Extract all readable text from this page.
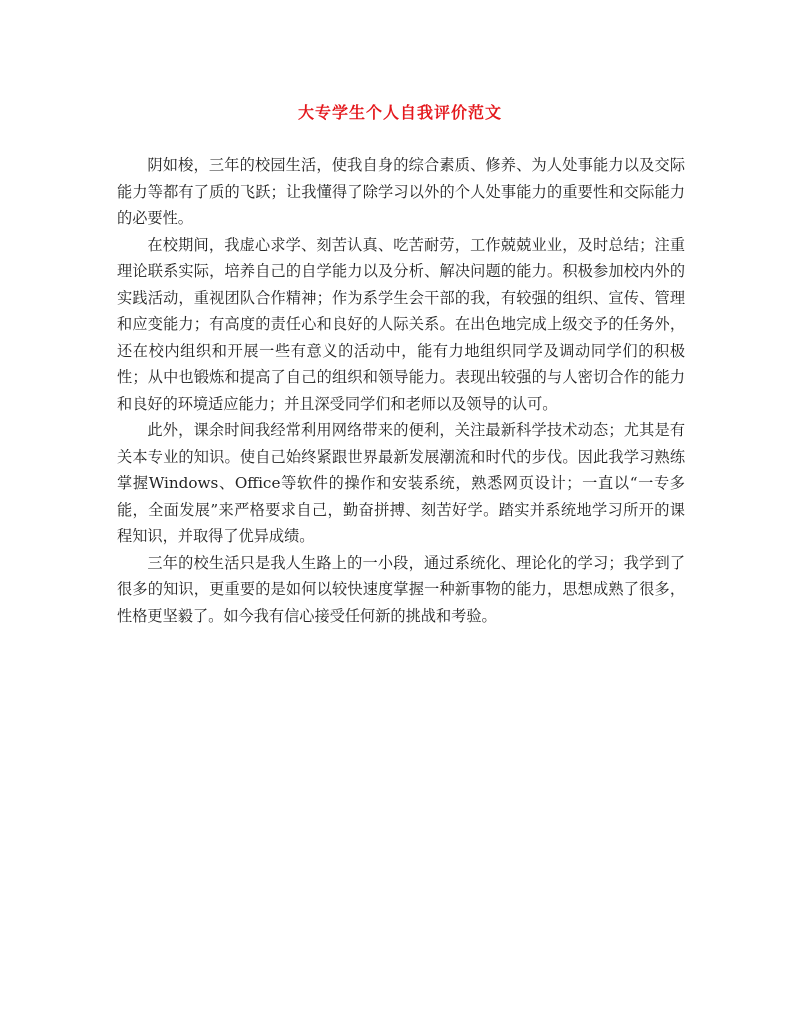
大专学生个人自我评价范文

阴如梭，三年的校园生活，使我自身的综合素质、修养、为人处事能力以及交际能力等都有了质的飞跃；让我懂得了除学习以外的个人处事能力的重要性和交际能力的必要性。

在校期间，我虚心求学、刻苦认真、吃苦耐劳，工作兢兢业业，及时总结；注重理论联系实际，培养自己的自学能力以及分析、解决问题的能力。积极参加校内外的实践活动，重视团队合作精神；作为系学生会干部的我，有较强的组织、宣传、管理和应变能力；有高度的责任心和良好的人际关系。在出色地完成上级交予的任务外，还在校内组织和开展一些有意义的活动中，能有力地组织同学及调动同学们的积极性；从中也锻炼和提高了自己的组织和领导能力。表现出较强的与人密切合作的能力和良好的环境适应能力；并且深受同学们和老师以及领导的认可。

此外，课余时间我经常利用网络带来的便利，关注最新科学技术动态；尤其是有关本专业的知识。使自己始终紧跟世界最新发展潮流和时代的步伐。因此我学习熟练掌握Windows、Office等软件的操作和安装系统，熟悉网页设计；一直以“一专多能，全面发展”来严格要求自己，勤奋拼搏、刻苦好学。踏实并系统地学习所开的课程知识，并取得了优异成绩。

三年的校生活只是我人生路上的一小段，通过系统化、理论化的学习；我学到了很多的知识，更重要的是如何以较快速度掌握一种新事物的能力，思想成熟了很多，性格更坚毅了。如今我有信心接受任何新的挑战和考验。
